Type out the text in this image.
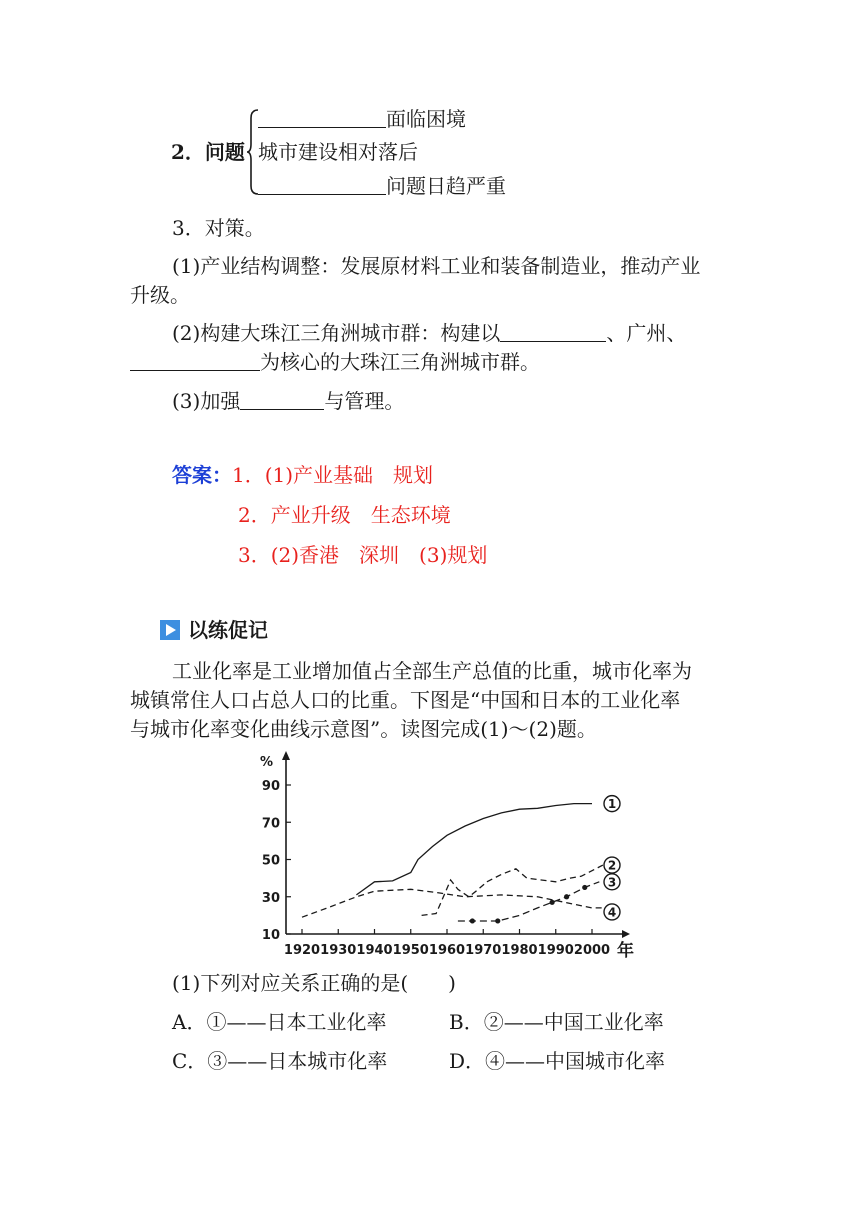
面临困境
2．问题 城市建设相对落后
问题日趋严重
3．对策。
(1)产业结构调整：发展原材料工业和装备制造业，推动产业
升级。
(2)构建大珠江三角洲城市群：构建以	、广州、
为核心的大珠江三角洲城市群。
(3)加强	与管理。
答案：1．(1)产业基础　规划
2．产业升级　生态环境
3．(2)香港　深圳　(3)规划
以练促记
工业化率是工业增加值占全部生产总值的比重，城市化率为
城镇常住人口占总人口的比重。下图是“中国和日本的工业化率
与城市化率变化曲线示意图”。读图完成(1)～(2)题。
%
年
10
30
50
70
90
1920 1930 1940 1950 1960 1970 1980 1990 2000
1
2
3
4
(1)下列对应关系正确的是(　　)
A．①——日本工业化率	B．②——中国工业化率
C．③——日本城市化率	D．④——中国城市化率
